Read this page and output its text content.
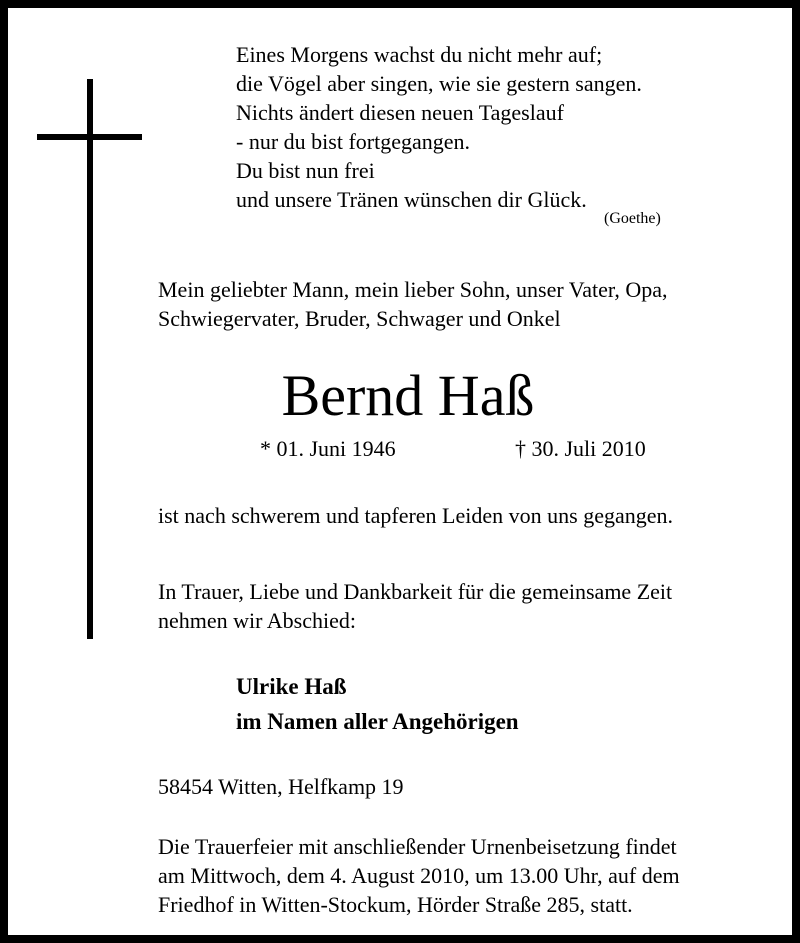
Eines Morgens wachst du nicht mehr auf;
die Vögel aber singen, wie sie gestern sangen.
Nichts ändert diesen neuen Tageslauf
- nur du bist fortgegangen.
Du bist nun frei
und unsere Tränen wünschen dir Glück.
(Goethe)
Mein geliebter Mann, mein lieber Sohn, unser Vater, Opa,
Schwiegervater, Bruder, Schwager und Onkel
Bernd Haß
* 01. Juni 1946	† 30. Juli 2010
ist nach schwerem und tapferen Leiden von uns gegangen.
In Trauer, Liebe und Dankbarkeit für die gemeinsame Zeit
nehmen wir Abschied:
Ulrike Haß
im Namen aller Angehörigen
58454 Witten, Helfkamp 19
Die Trauerfeier mit anschließender Urnenbeisetzung findet
am Mittwoch, dem 4. August 2010, um 13.00 Uhr, auf dem
Friedhof in Witten-Stockum, Hörder Straße 285, statt.
